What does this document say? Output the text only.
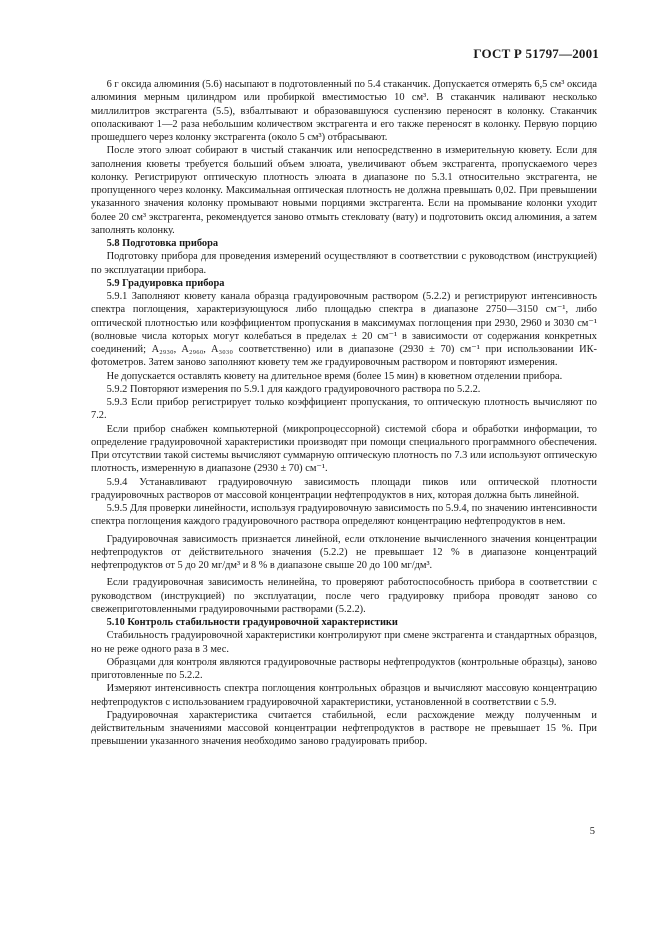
ГОСТ Р 51797—2001

6 г оксида алюминия (5.6) насыпают в подготовленный по 5.4 стаканчик. Допускается отмерять 6,5 см³ оксида алюминия мерным цилиндром или пробиркой вместимостью 10 см³. В стаканчик наливают несколько миллилитров экстрагента (5.5), взбалтывают и образовавшуюся суспензию переносят в колонку. Стаканчик ополаскивают 1—2 раза небольшим количеством экстрагента и его также переносят в колонку. Первую порцию прошедшего через колонку экстрагента (около 5 см³) отбрасывают.

После этого элюат собирают в чистый стаканчик или непосредственно в измерительную кювету. Если для заполнения кюветы требуется больший объем элюата, увеличивают объем экстрагента, пропускаемого через колонку. Регистрируют оптическую плотность элюата в диапазоне по 5.3.1 относительно экстрагента, не пропущенного через колонку. Максимальная оптическая плотность не должна превышать 0,02. При превышении указанного значения колонку промывают новыми порциями экстрагента. Если на промывание колонки уходит более 20 см³ экстрагента, рекомендуется заново отмыть стекловату (вату) и подготовить оксид алюминия, а затем заполнять колонку.

5.8 Подготовка прибора

Подготовку прибора для проведения измерений осуществляют в соответствии с руководством (инструкцией) по эксплуатации прибора.

5.9 Градуировка прибора

5.9.1 Заполняют кювету канала образца градуировочным раствором (5.2.2) и регистрируют интенсивность спектра поглощения, характеризующуюся либо площадью спектра в диапазоне 2750—3150 см⁻¹, либо оптической плотностью или коэффициентом пропускания в максимумах поглощения при 2930, 2960 и 3030 см⁻¹ (волновые числа которых могут колебаться в пределах ± 20 см⁻¹ в зависимости от содержания конкретных соединений; A₂₉₃₀, A₂₉₆₀, A₃₀₃₀ соответственно) или в диапазоне (2930 ± 70) см⁻¹ при использовании ИК-фотометров. Затем заново заполняют кювету тем же градуировочным раствором и повторяют измерения.

Не допускается оставлять кювету на длительное время (более 15 мин) в кюветном отделении прибора.

5.9.2 Повторяют измерения по 5.9.1 для каждого градуировочного раствора по 5.2.2.

5.9.3 Если прибор регистрирует только коэффициент пропускания, то оптическую плотность вычисляют по 7.2.

Если прибор снабжен компьютерной (микропроцессорной) системой сбора и обработки информации, то определение градуировочной характеристики производят при помощи специального программного обеспечения. При отсутствии такой системы вычисляют суммарную оптическую плотность по 7.3 или используют оптическую плотность, измеренную в диапазоне (2930 ± 70) см⁻¹.

5.9.4 Устанавливают градуировочную зависимость площади пиков или оптической плотности градуировочных растворов от массовой концентрации нефтепродуктов в них, которая должна быть линейной.

5.9.5 Для проверки линейности, используя градуировочную зависимость по 5.9.4, по значению интенсивности спектра поглощения каждого градуировочного раствора определяют концентрацию нефтепродуктов в нем.

Градуировочная зависимость признается линейной, если отклонение вычисленного значения концентрации нефтепродуктов от действительного значения (5.2.2) не превышает 12 % в диапазоне концентраций нефтепродуктов от 5 до 20 мг/дм³ и 8 % в диапазоне свыше 20 до 100 мг/дм³.

Если градуировочная зависимость нелинейна, то проверяют работоспособность прибора в соответствии с руководством (инструкцией) по эксплуатации, после чего градуировку прибора проводят заново со свежеприготовленными градуировочными растворами (5.2.2).

5.10 Контроль стабильности градуировочной характеристики

Стабильность градуировочной характеристики контролируют при смене экстрагента и стандартных образцов, но не реже одного раза в 3 мес.

Образцами для контроля являются градуировочные растворы нефтепродуктов (контрольные образцы), заново приготовленные по 5.2.2.

Измеряют интенсивность спектра поглощения контрольных образцов и вычисляют массовую концентрацию нефтепродуктов с использованием градуировочной характеристики, установленной в соответствии с 5.9.

Градуировочная характеристика считается стабильной, если расхождение между полученным и действительным значениями массовой концентрации нефтепродуктов в растворе не превышает 15 %. При превышении указанного значения необходимо заново градуировать прибор.

5
